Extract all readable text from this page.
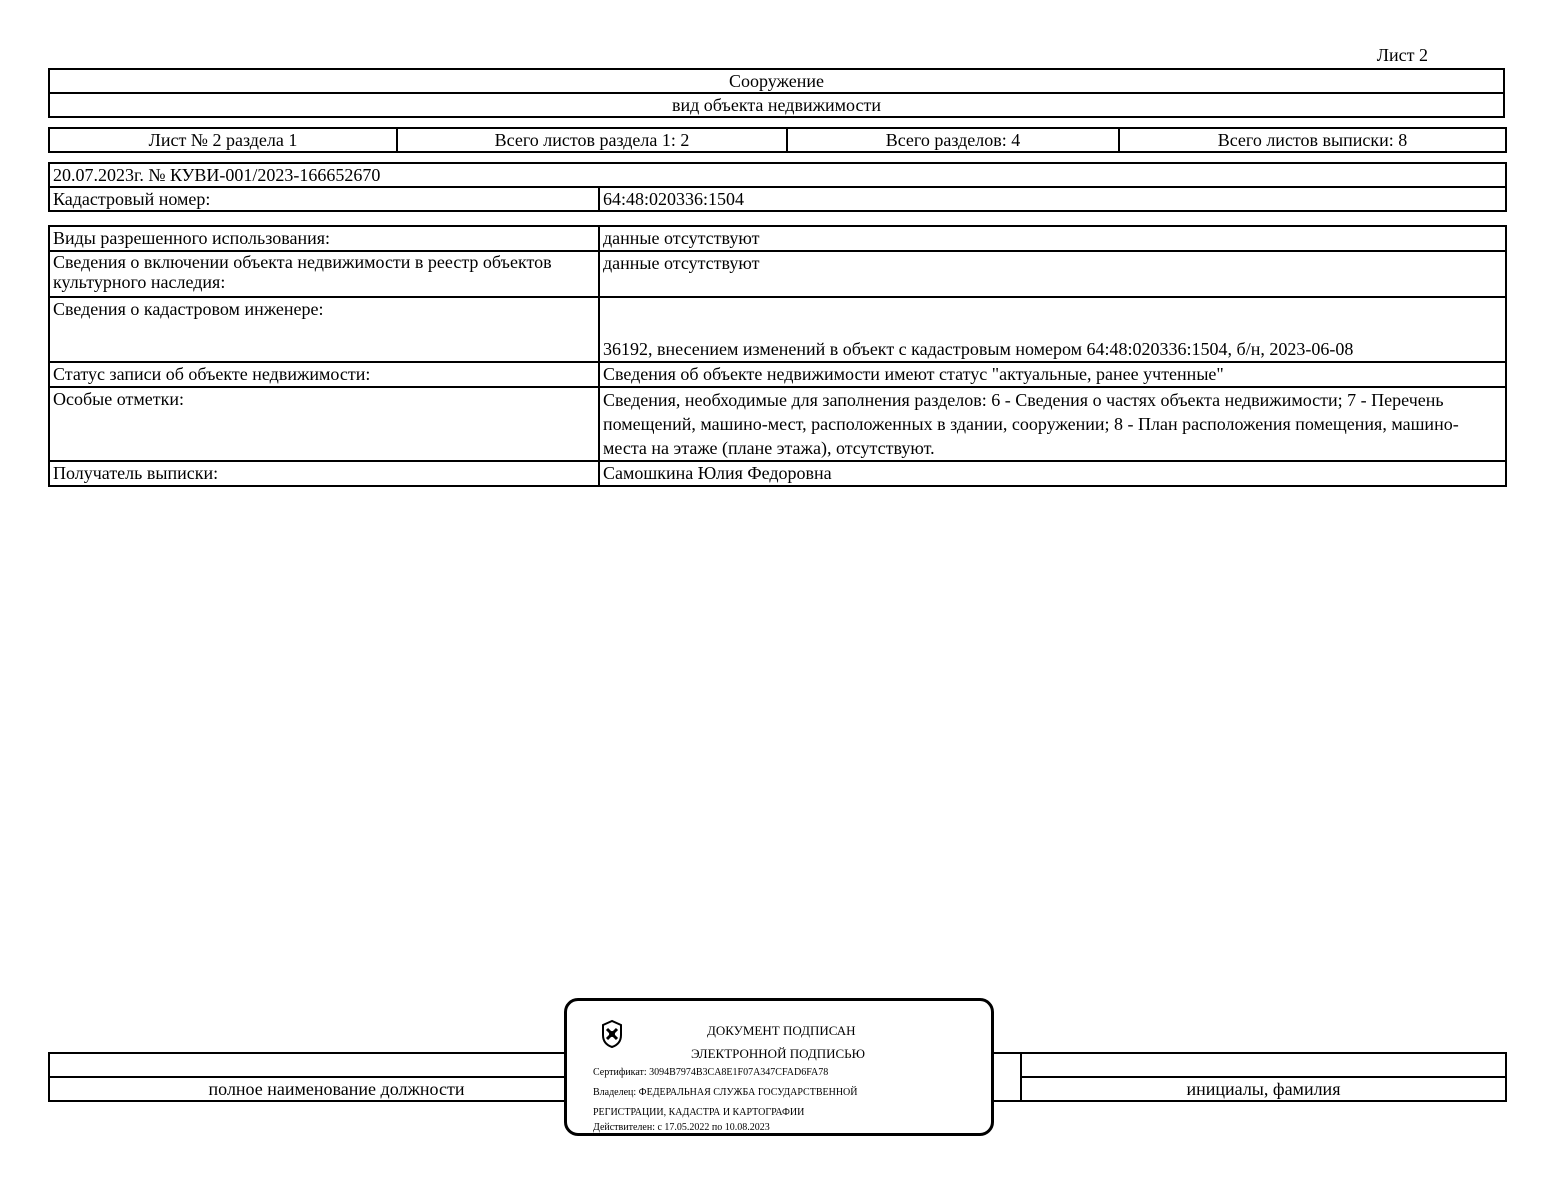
Лист 2
Сооружение
вид объекта недвижимости
Лист № 2 раздела 1	Всего листов раздела 1: 2	Всего разделов: 4	Всего листов выписки: 8
20.07.2023г. № КУВИ-001/2023-166652670
Кадастровый номер:	64:48:020336:1504
Виды разрешенного использования:	данные отсутствуют
Сведения о включении объекта недвижимости в реестр объектов культурного наследия:	данные отсутствуют
Сведения о кадастровом инженере:	36192, внесением изменений в объект с кадастровым номером 64:48:020336:1504, б/н, 2023-06-08
Статус записи об объекте недвижимости:	Сведения об объекте недвижимости имеют статус "актуальные, ранее учтенные"
Особые отметки:	Сведения, необходимые для заполнения разделов: 6 - Сведения о частях объекта недвижимости; 7 - Перечень помещений, машино-мест, расположенных в здании, сооружении; 8 - План расположения помещения, машино-места на этаже (плане этажа), отсутствуют.
Получатель выписки:	Самошкина Юлия Федоровна

полное наименование должности		инициалы, фамилия
ДОКУМЕНТ ПОДПИСАН
ЭЛЕКТРОННОЙ ПОДПИСЬЮ
Сертификат: 3094B7974B3CA8E1F07A347CFAD6FA78
Владелец: ФЕДЕРАЛЬНАЯ СЛУЖБА ГОСУДАРСТВЕННОЙ
РЕГИСТРАЦИИ, КАДАСТРА И КАРТОГРАФИИ
Действителен: с 17.05.2022 по 10.08.2023
